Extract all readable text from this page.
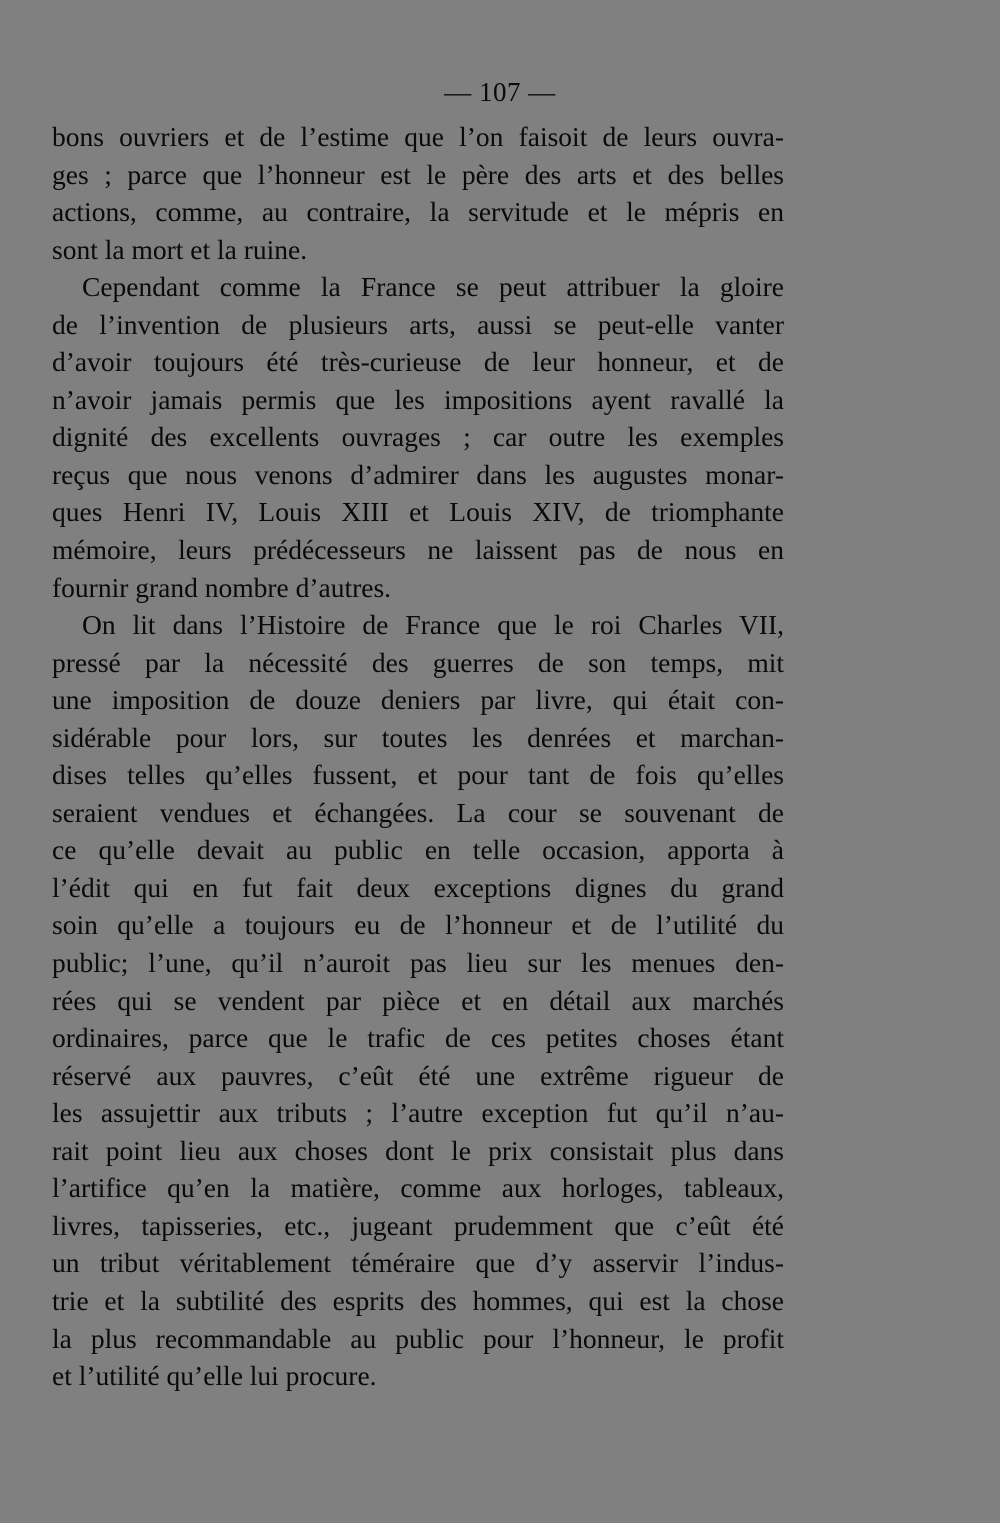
— 107 —
bons ouvriers et de l’estime que l’on faisoit de leurs ouvra-
ges ; parce que l’honneur est le père des arts et des belles
actions, comme, au contraire, la servitude et le mépris en
sont la mort et la ruine.
Cependant comme la France se peut attribuer la gloire
de l’invention de plusieurs arts, aussi se peut-elle vanter
d’avoir toujours été très-curieuse de leur honneur, et de
n’avoir jamais permis que les impositions ayent ravallé la
dignité des excellents ouvrages ; car outre les exemples
reçus que nous venons d’admirer dans les augustes monar-
ques Henri IV, Louis XIII et Louis XIV, de triomphante
mémoire, leurs prédécesseurs ne laissent pas de nous en
fournir grand nombre d’autres.
On lit dans l’Histoire de France que le roi Charles VII,
pressé par la nécessité des guerres de son temps, mit
une imposition de douze deniers par livre, qui était con-
sidérable pour lors, sur toutes les denrées et marchan-
dises telles qu’elles fussent, et pour tant de fois qu’elles
seraient vendues et échangées. La cour se souvenant de
ce qu’elle devait au public en telle occasion, apporta à
l’édit qui en fut fait deux exceptions dignes du grand
soin qu’elle a toujours eu de l’honneur et de l’utilité du
public; l’une, qu’il n’auroit pas lieu sur les menues den-
rées qui se vendent par pièce et en détail aux marchés
ordinaires, parce que le trafic de ces petites choses étant
réservé aux pauvres, c’eût été une extrême rigueur de
les assujettir aux tributs ; l’autre exception fut qu’il n’au-
rait point lieu aux choses dont le prix consistait plus dans
l’artifice qu’en la matière, comme aux horloges, tableaux,
livres, tapisseries, etc., jugeant prudemment que c’eût été
un tribut véritablement téméraire que d’y asservir l’indus-
trie et la subtilité des esprits des hommes, qui est la chose
la plus recommandable au public pour l’honneur, le profit
et l’utilité qu’elle lui procure.
